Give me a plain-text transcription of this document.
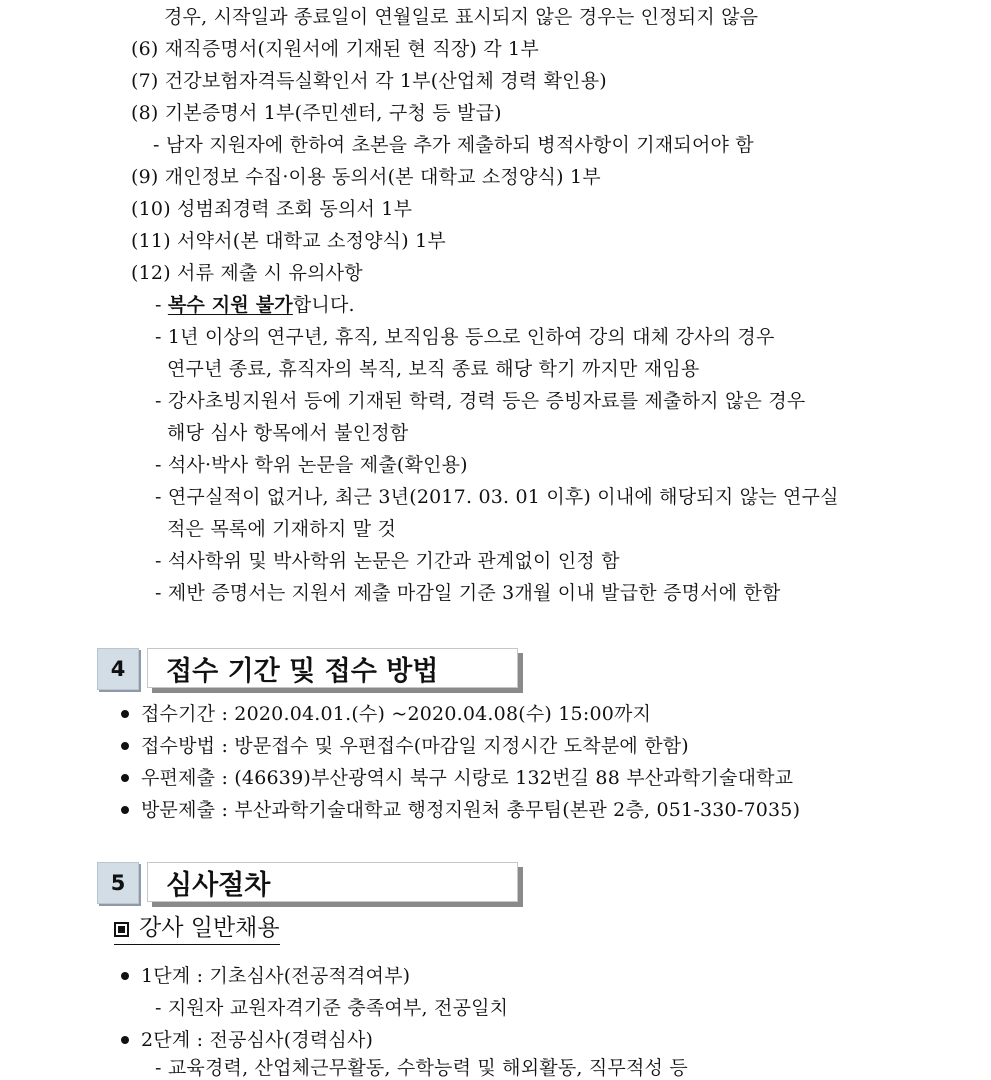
경우, 시작일과 종료일이 연월일로 표시되지 않은 경우는 인정되지 않음
(6) 재직증명서(지원서에 기재된 현 직장) 각 1부
(7) 건강보험자격득실확인서 각 1부(산업체 경력 확인용)
(8) 기본증명서 1부(주민센터, 구청 등 발급)
- 남자 지원자에 한하여 초본을 추가 제출하되 병적사항이 기재되어야 함
(9) 개인정보 수집·이용 동의서(본 대학교 소정양식) 1부
(10) 성범죄경력 조회 동의서 1부
(11) 서약서(본 대학교 소정양식) 1부
(12) 서류 제출 시 유의사항
- 복수 지원 불가합니다.
- 1년 이상의 연구년, 휴직, 보직임용 등으로 인하여 강의 대체 강사의 경우
연구년 종료, 휴직자의 복직, 보직 종료 해당 학기 까지만 재임용
- 강사초빙지원서 등에 기재된 학력, 경력 등은 증빙자료를 제출하지 않은 경우
해당 심사 항목에서 불인정함
- 석사·박사 학위 논문을 제출(확인용)
- 연구실적이 없거나, 최근 3년(2017. 03. 01 이후) 이내에 해당되지 않는 연구실
적은 목록에 기재하지 말 것
- 석사학위 및 박사학위 논문은 기간과 관계없이 인정 함
- 제반 증명서는 지원서 제출 마감일 기준 3개월 이내 발급한 증명서에 한함
4	접수 기간 및 접수 방법
접수기간 : 2020.04.01.(수) ~2020.04.08(수) 15:00까지
접수방법 : 방문접수 및 우편접수(마감일 지정시간 도착분에 한함)
우편제출 : (46639)부산광역시 북구 시랑로 132번길 88 부산과학기술대학교
방문제출 : 부산과학기술대학교 행정지원처 총무팀(본관 2층, 051-330-7035)
5	심사절차
강사 일반채용
1단계 : 기초심사(전공적격여부)
- 지원자 교원자격기준 충족여부, 전공일치
2단계 : 전공심사(경력심사)
- 교육경력, 산업체근무활동, 수학능력 및 해외활동, 직무적성 등
